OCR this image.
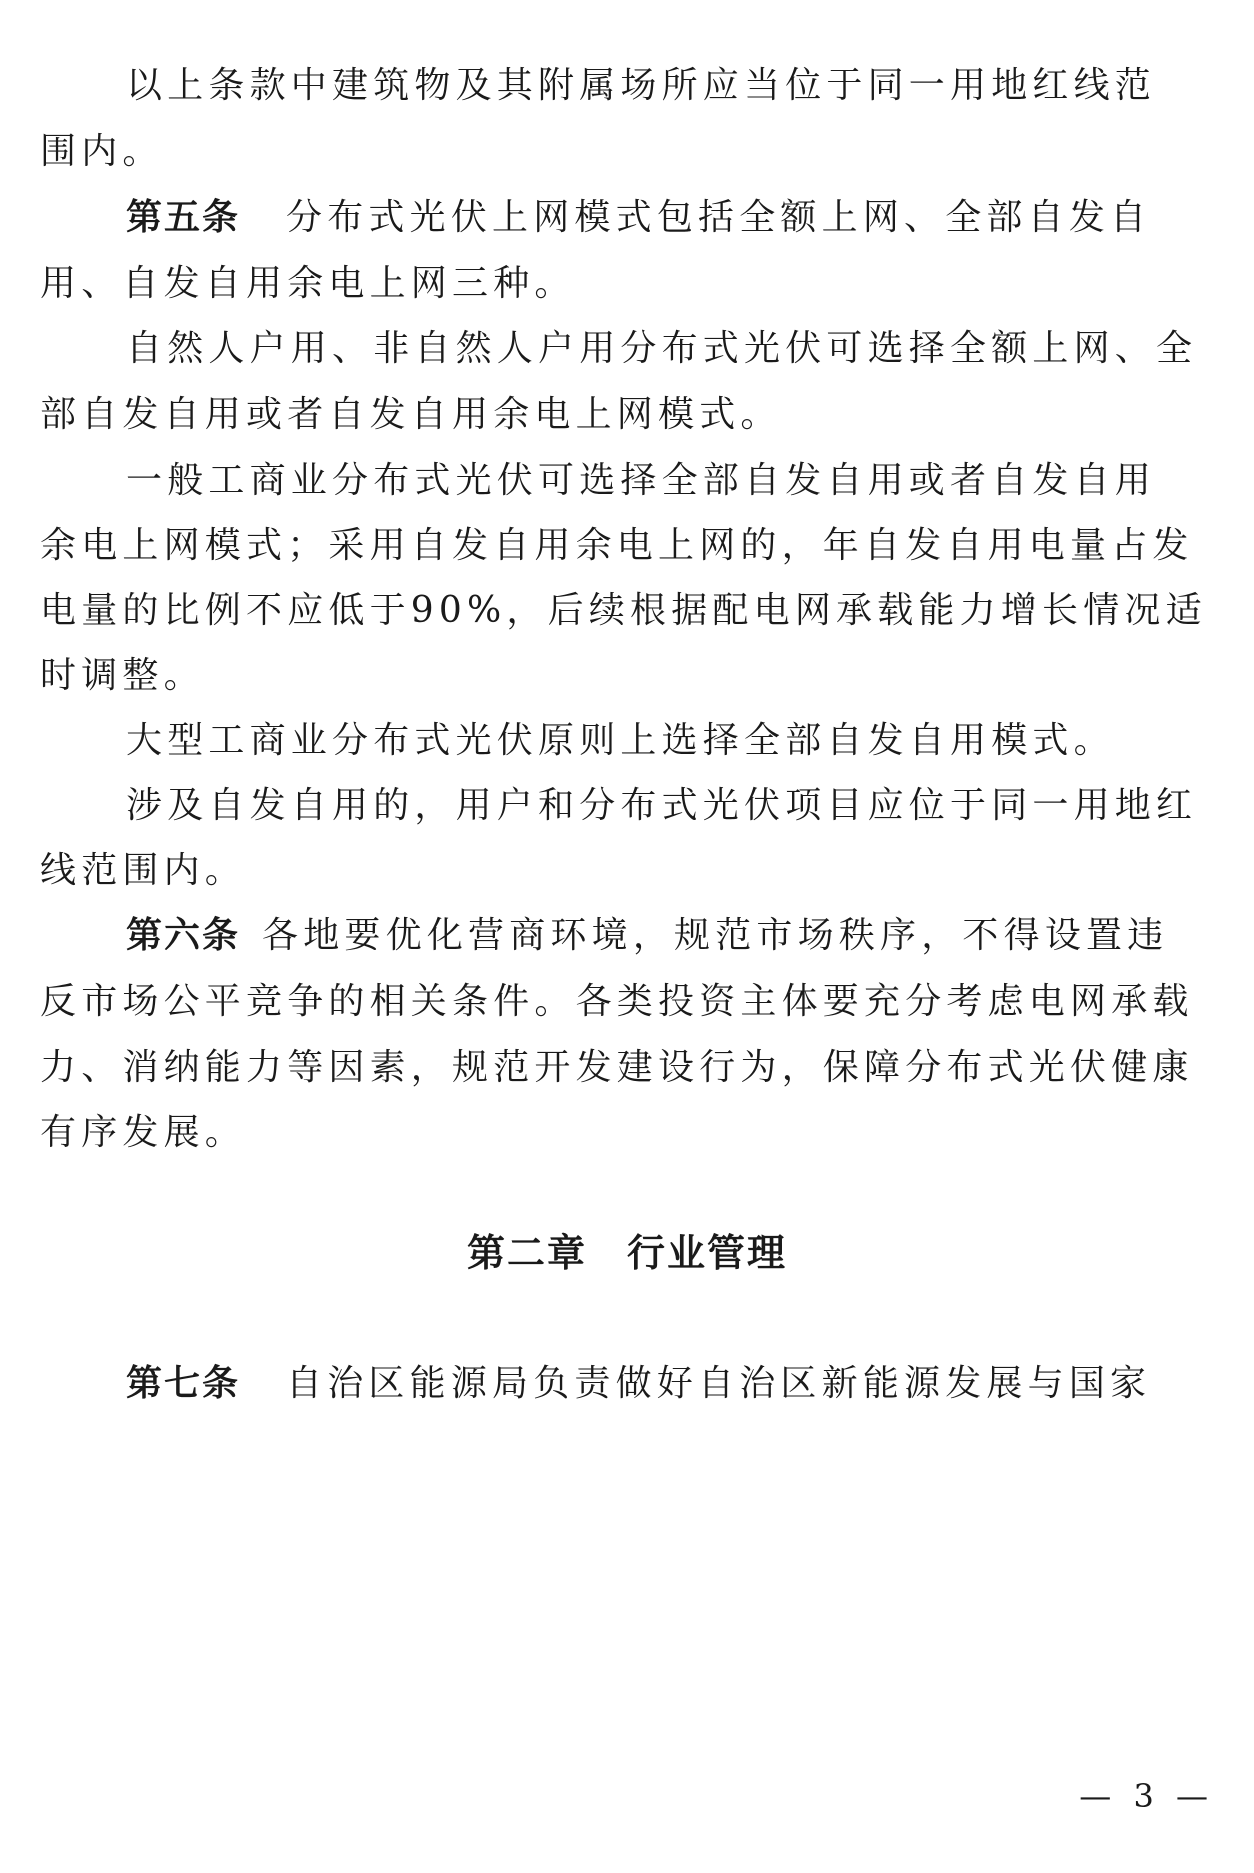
以上条款中建筑物及其附属场所应当位于同一用地红线范
围内。
第五条 分布式光伏上网模式包括全额上网、全部自发自
用、自发自用余电上网三种。
自然人户用、非自然人户用分布式光伏可选择全额上网、全
部自发自用或者自发自用余电上网模式。
一般工商业分布式光伏可选择全部自发自用或者自发自用
余电上网模式；采用自发自用余电上网的，年自发自用电量占发
电量的比例不应低于90%，后续根据配电网承载能力增长情况适
时调整。
大型工商业分布式光伏原则上选择全部自发自用模式。
涉及自发自用的，用户和分布式光伏项目应位于同一用地红
线范围内。
第六条 各地要优化营商环境，规范市场秩序，不得设置违
反市场公平竞争的相关条件。各类投资主体要充分考虑电网承载
力、消纳能力等因素，规范开发建设行为，保障分布式光伏健康
有序发展。
第二章 行业管理
第七条 自治区能源局负责做好自治区新能源发展与国家
— 3 —
